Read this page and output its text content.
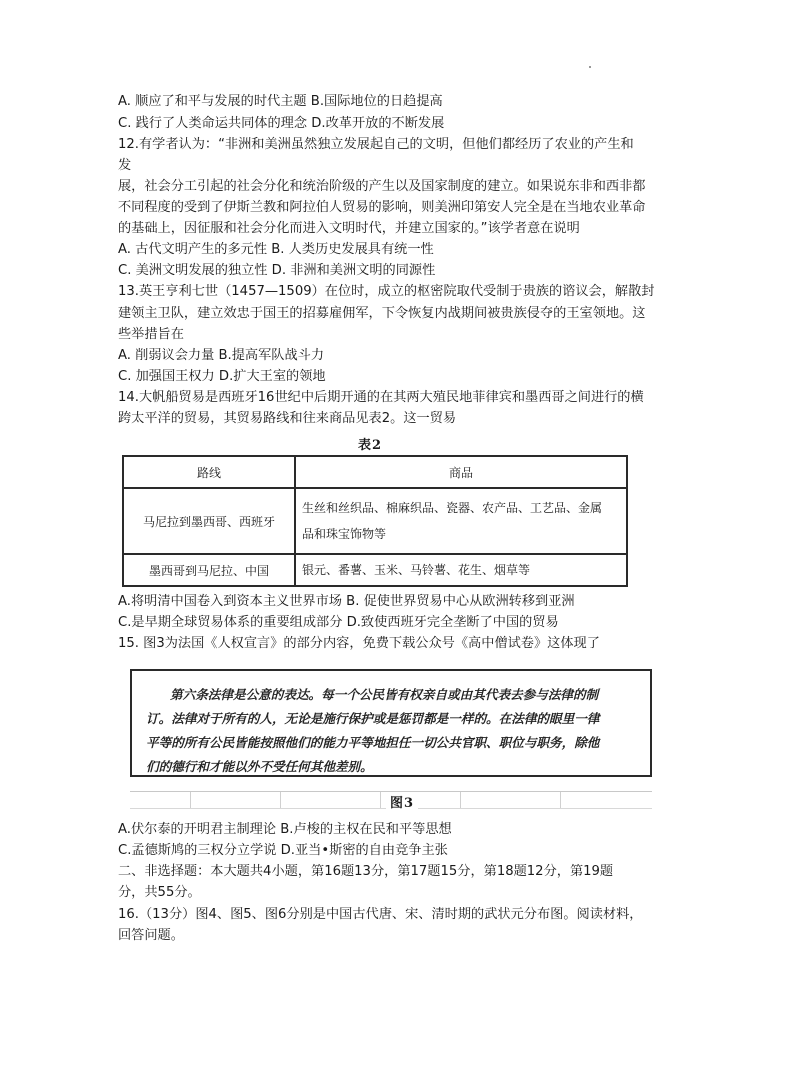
A. 顺应了和平与发展的时代主题 B.国际地位的日趋提高
C. 践行了人类命运共同体的理念 D.改革开放的不断发展
12.有学者认为：“非洲和美洲虽然独立发展起自己的文明，但他们都经历了农业的产生和
发
展，社会分工引起的社会分化和统治阶级的产生以及国家制度的建立。如果说东非和西非都
不同程度的受到了伊斯兰教和阿拉伯人贸易的影响，则美洲印第安人完全是在当地农业革命
的基础上，因征服和社会分化而进入文明时代，并建立国家的。”该学者意在说明
A. 古代文明产生的多元性 B. 人类历史发展具有统一性
C. 美洲文明发展的独立性 D. 非洲和美洲文明的同源性
13.英王亨利七世（1457—1509）在位时，成立的枢密院取代受制于贵族的谘议会，解散封
建领主卫队，建立效忠于国王的招募雇佣军，下令恢复内战期间被贵族侵夺的王室领地。这
些举措旨在
A. 削弱议会力量 B.提高军队战斗力
C. 加强国王权力 D.扩大王室的领地
14.大帆船贸易是西班牙16世纪中后期开通的在其两大殖民地菲律宾和墨西哥之间进行的横
跨太平洋的贸易，其贸易路线和往来商品见表2。这一贸易
表2
路线	商品
马尼拉到墨西哥、西班牙	生丝和丝织品、棉麻织品、瓷器、农产品、工艺品、金属
品和珠宝饰物等

墨西哥到马尼拉、中国	银元、番薯、玉米、马铃薯、花生、烟草等
A.将明清中国卷入到资本主义世界市场 B. 促使世界贸易中心从欧洲转移到亚洲
C.是早期全球贸易体系的重要组成部分 D.致使西班牙完全垄断了中国的贸易
15. 图3为法国《人权宣言》的部分内容，免费下载公众号《高中僧试卷》这体现了
第六条法律是公意的表达。每一个公民皆有权亲自或由其代表去参与法律的制
订。法律对于所有的人，无论是施行保护或是惩罚都是一样的。在法律的眼里一律
平等的所有公民皆能按照他们的能力平等地担任一切公共官职、职位与职务，除他
们的德行和才能以外不受任何其他差别。
图3
A.伏尔泰的开明君主制理论 B.卢梭的主权在民和平等思想
C.孟德斯鸠的三权分立学说 D.亚当•斯密的自由竞争主张
二、非选择题：本大题共4小题，第16题13分，第17题15分，第18题12分，第19题
分，共55分。
16.（13分）图4、图5、图6分别是中国古代唐、宋、清时期的武状元分布图。阅读材料，
回答问题。
